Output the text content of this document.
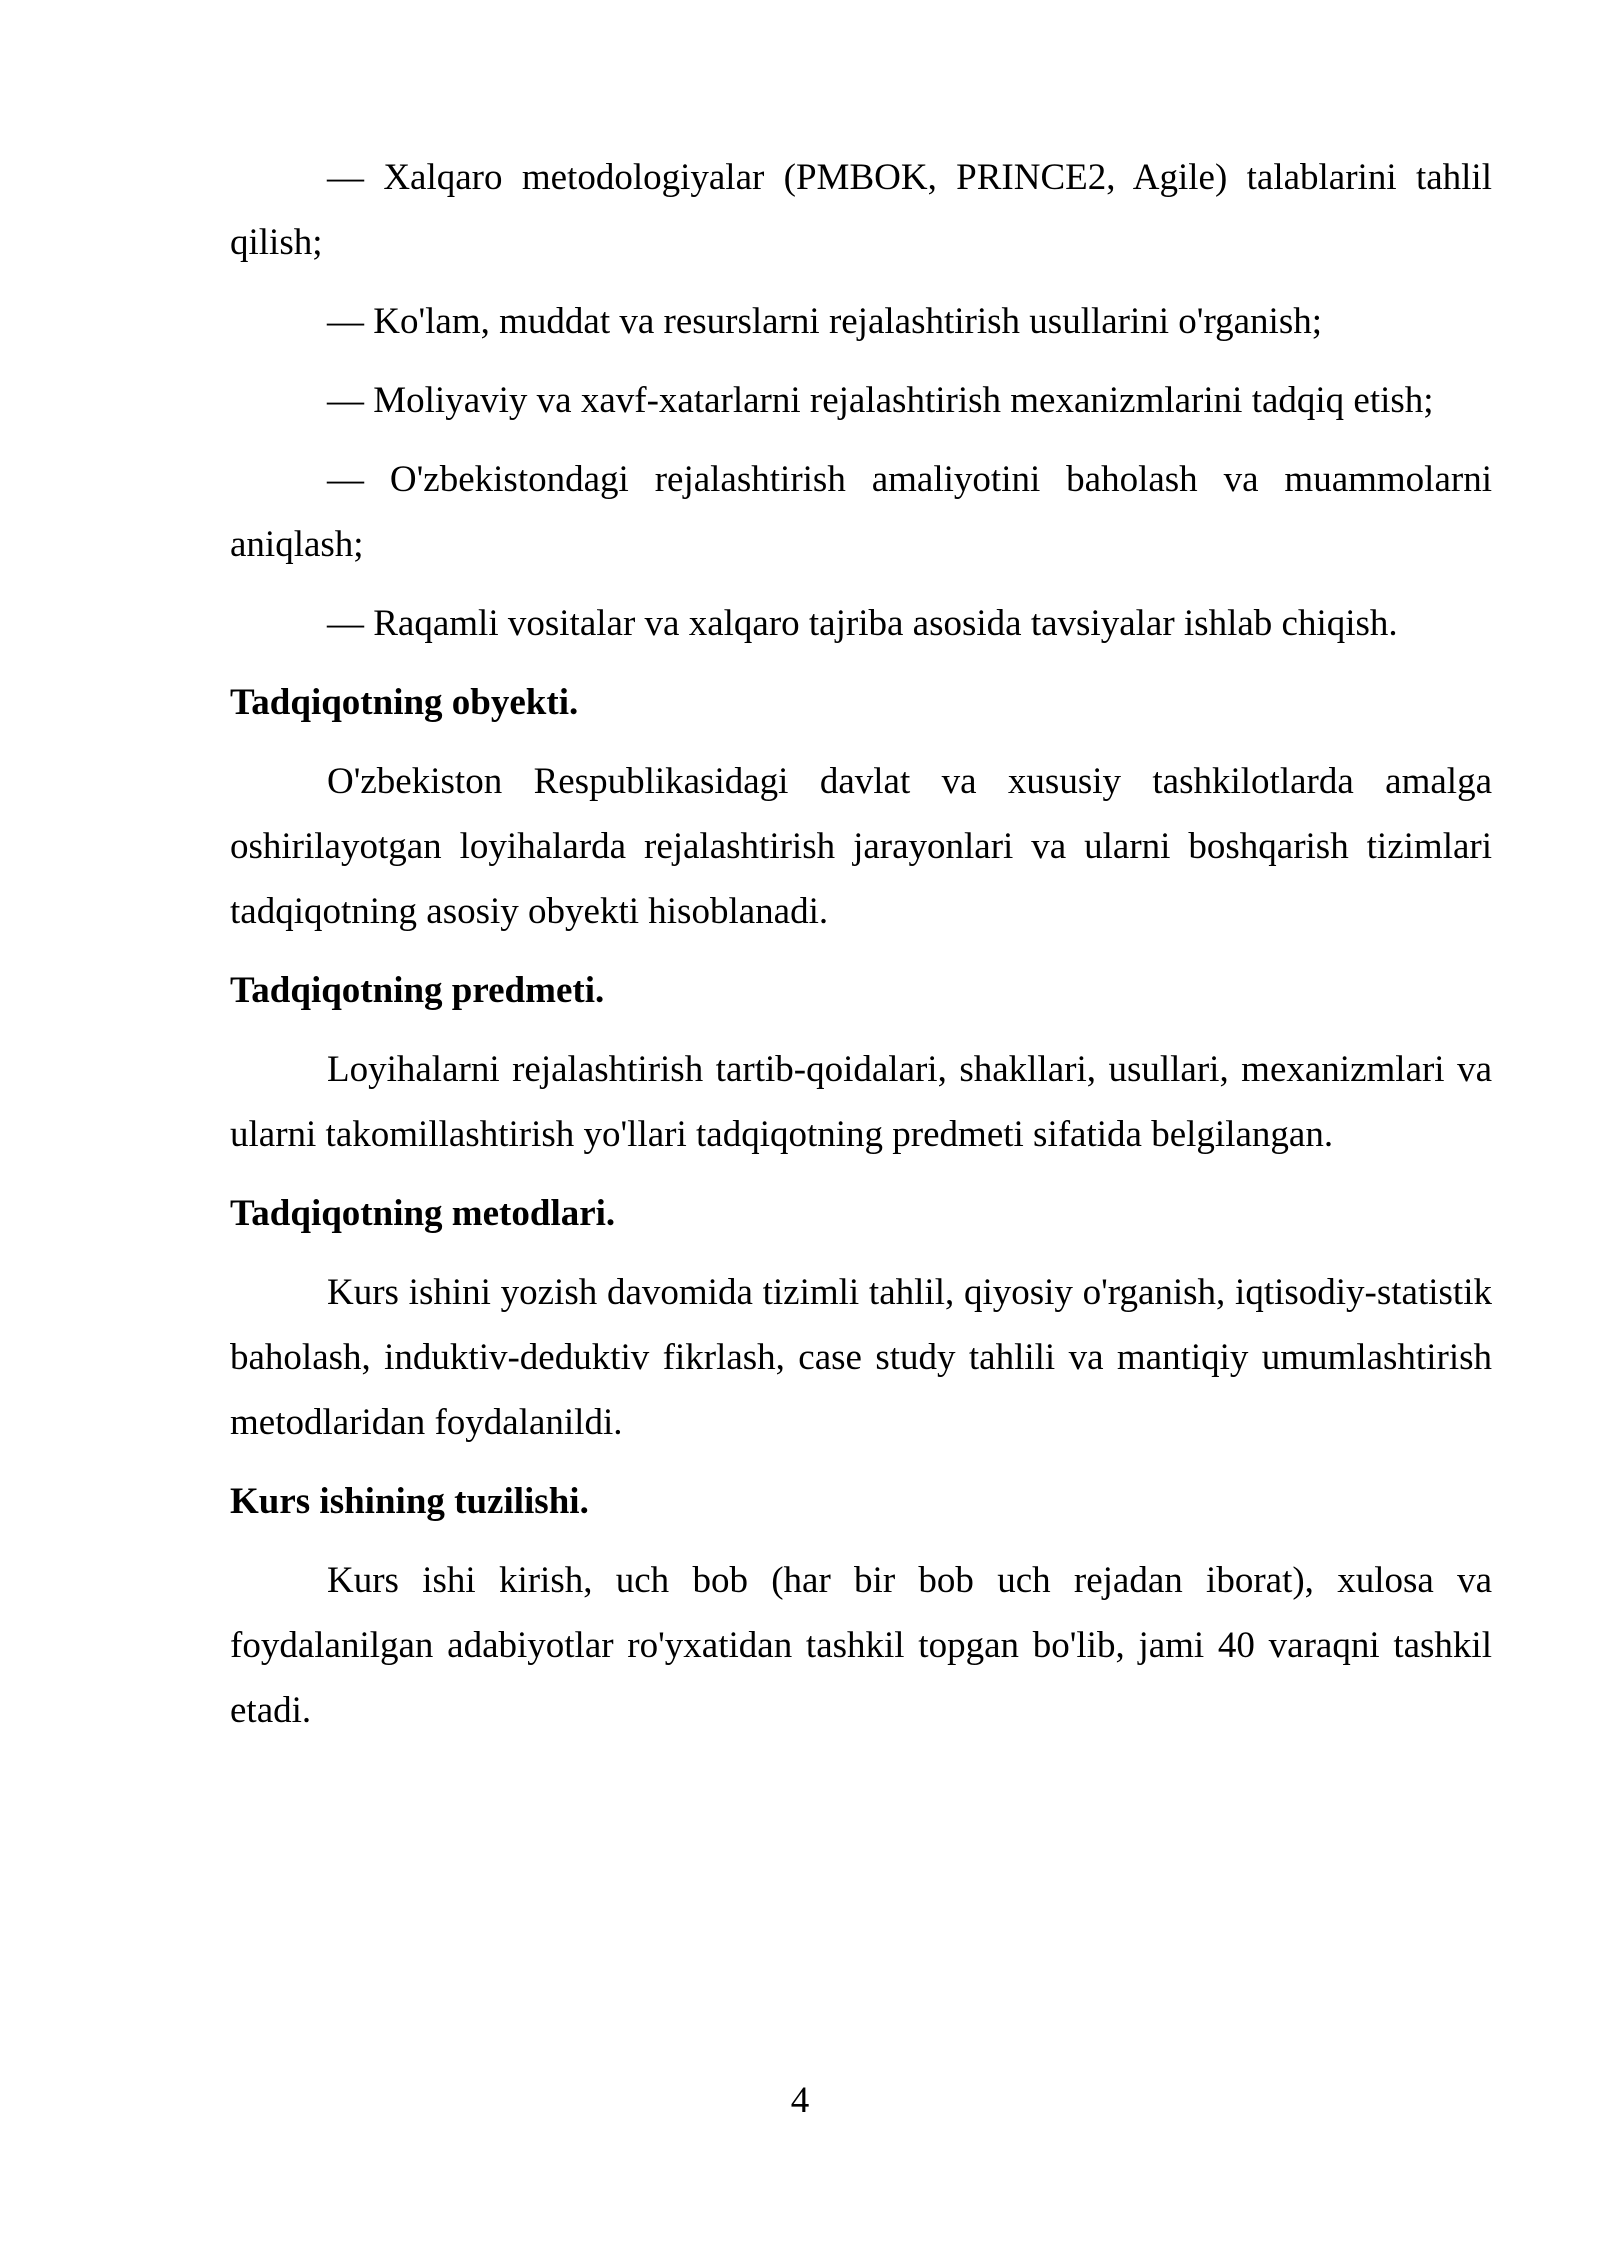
— Xalqaro metodologiyalar (PMBOK, PRINCE2, Agile) talablarini tahlil qilish;

— Ko'lam, muddat va resurslarni rejalashtirish usullarini o'rganish;

— Moliyaviy va xavf-xatarlarni rejalashtirish mexanizmlarini tadqiq etish;

— O'zbekistondagi rejalashtirish amaliyotini baholash va muammolarni aniqlash;

— Raqamli vositalar va xalqaro tajriba asosida tavsiyalar ishlab chiqish.

Tadqiqotning obyekti.

O'zbekiston Respublikasidagi davlat va xususiy tashkilotlarda amalga oshirilayotgan loyihalarda rejalashtirish jarayonlari va ularni boshqarish tizimlari tadqiqotning asosiy obyekti hisoblanadi.

Tadqiqotning predmeti.

Loyihalarni rejalashtirish tartib-qoidalari, shakllari, usullari, mexanizmlari va ularni takomillashtirish yo'llari tadqiqotning predmeti sifatida belgilangan.

Tadqiqotning metodlari.

Kurs ishini yozish davomida tizimli tahlil, qiyosiy o'rganish, iqtisodiy-statistik baholash, induktiv-deduktiv fikrlash, case study tahlili va mantiqiy umumlashtirish metodlaridan foydalanildi.

Kurs ishining tuzilishi.

Kurs ishi kirish, uch bob (har bir bob uch rejadan iborat), xulosa va foydalanilgan adabiyotlar ro'yxatidan tashkil topgan bo'lib, jami 40 varaqni tashkil etadi.

4
